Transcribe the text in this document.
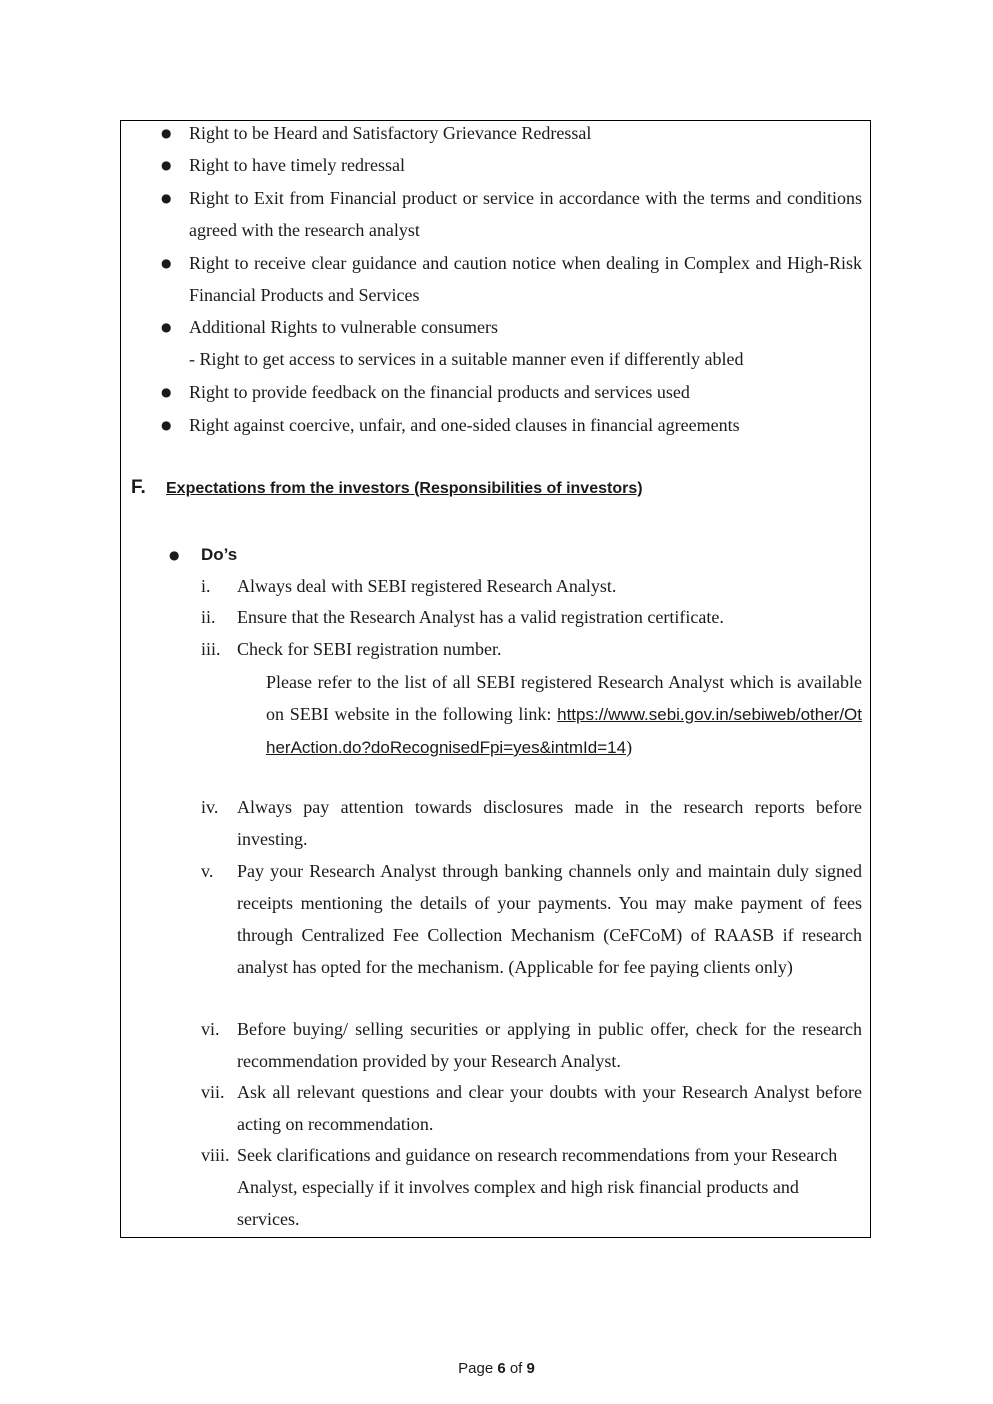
● Right to be Heard and Satisfactory Grievance Redressal
● Right to have timely redressal
● Right to Exit from Financial product or service in accordance with the terms and conditions agreed with the research analyst
● Right to receive clear guidance and caution notice when dealing in Complex and High-Risk Financial Products and Services
● Additional Rights to vulnerable consumers
- Right to get access to services in a suitable manner even if differently abled
● Right to provide feedback on the financial products and services used
● Right against coercive, unfair, and one-sided clauses in financial agreements
F. Expectations from the investors (Responsibilities of investors)
● Do’s
i.	Always deal with SEBI registered Research Analyst.
ii.	Ensure that the Research Analyst has a valid registration certificate.
iii. Check for SEBI registration number.
Please refer to the list of all SEBI registered Research Analyst which is available on SEBI website in the following link: https://www.sebi.gov.in/sebiweb/other/OtherAction.do?doRecognisedFpi=yes&intmId=14)
iv.	Always pay attention towards disclosures made in the research reports before investing.
v.	Pay your Research Analyst through banking channels only and maintain duly signed receipts mentioning the details of your payments. You may make payment of fees through Centralized Fee Collection Mechanism (CeFCoM) of RAASB if research analyst has opted for the mechanism. (Applicable for fee paying clients only)
vi. Before buying/ selling securities or applying in public offer, check for the research recommendation provided by your Research Analyst.
vii. Ask all relevant questions and clear your doubts with your Research Analyst before acting on recommendation.
viii. Seek clarifications and guidance on research recommendations from your Research Analyst, especially if it involves complex and high risk financial products and services.
Page 6 of 9
